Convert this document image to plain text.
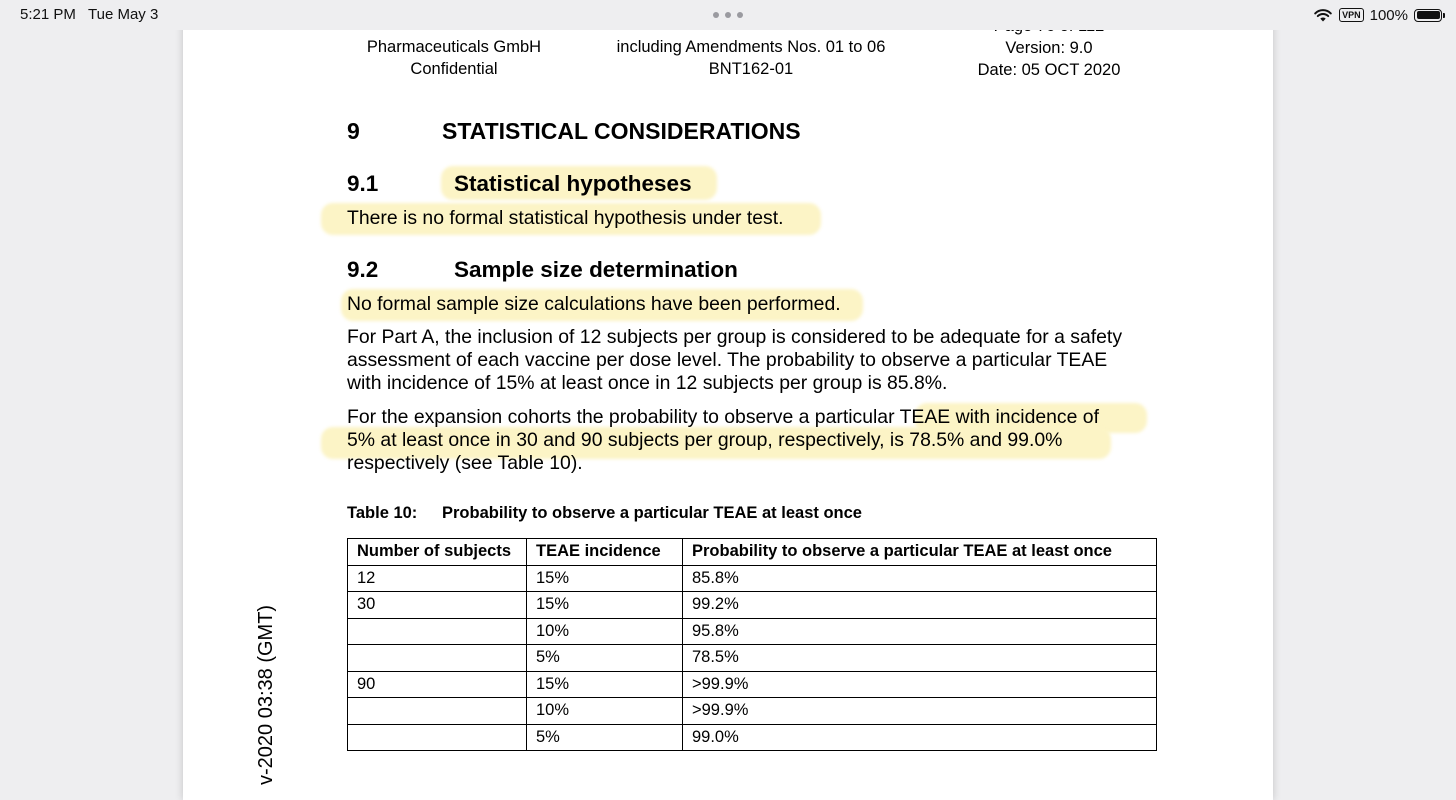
5:21 PM Tue May 3	VPN 100%
Pharmaceuticals GmbH
Confidential
including Amendments Nos. 01 to 06
BNT162-01
Version: 9.0
Date: 05 OCT 2020
9	STATISTICAL CONSIDERATIONS
9.1	Statistical hypotheses
There is no formal statistical hypothesis under test.
9.2	Sample size determination
No formal sample size calculations have been performed.
For Part A, the inclusion of 12 subjects per group is considered to be adequate for a safety
assessment of each vaccine per dose level. The probability to observe a particular TEAE
with incidence of 15% at least once in 12 subjects per group is 85.8%.
For the expansion cohorts the probability to observe a particular TEAE with incidence of
5% at least once in 30 and 90 subjects per group, respectively, is 78.5% and 99.0%
respectively (see Table 10).
Table 10: Probability to observe a particular TEAE at least once
Number of subjects	TEAE incidence	Probability to observe a particular TEAE at least once
12	15%	85.8%
30	15%	99.2%
	10%	95.8%
	5%	78.5%
90	15%	>99.9%
	10%	>99.9%
	5%	99.0%
v-2020 03:38 (GMT)
